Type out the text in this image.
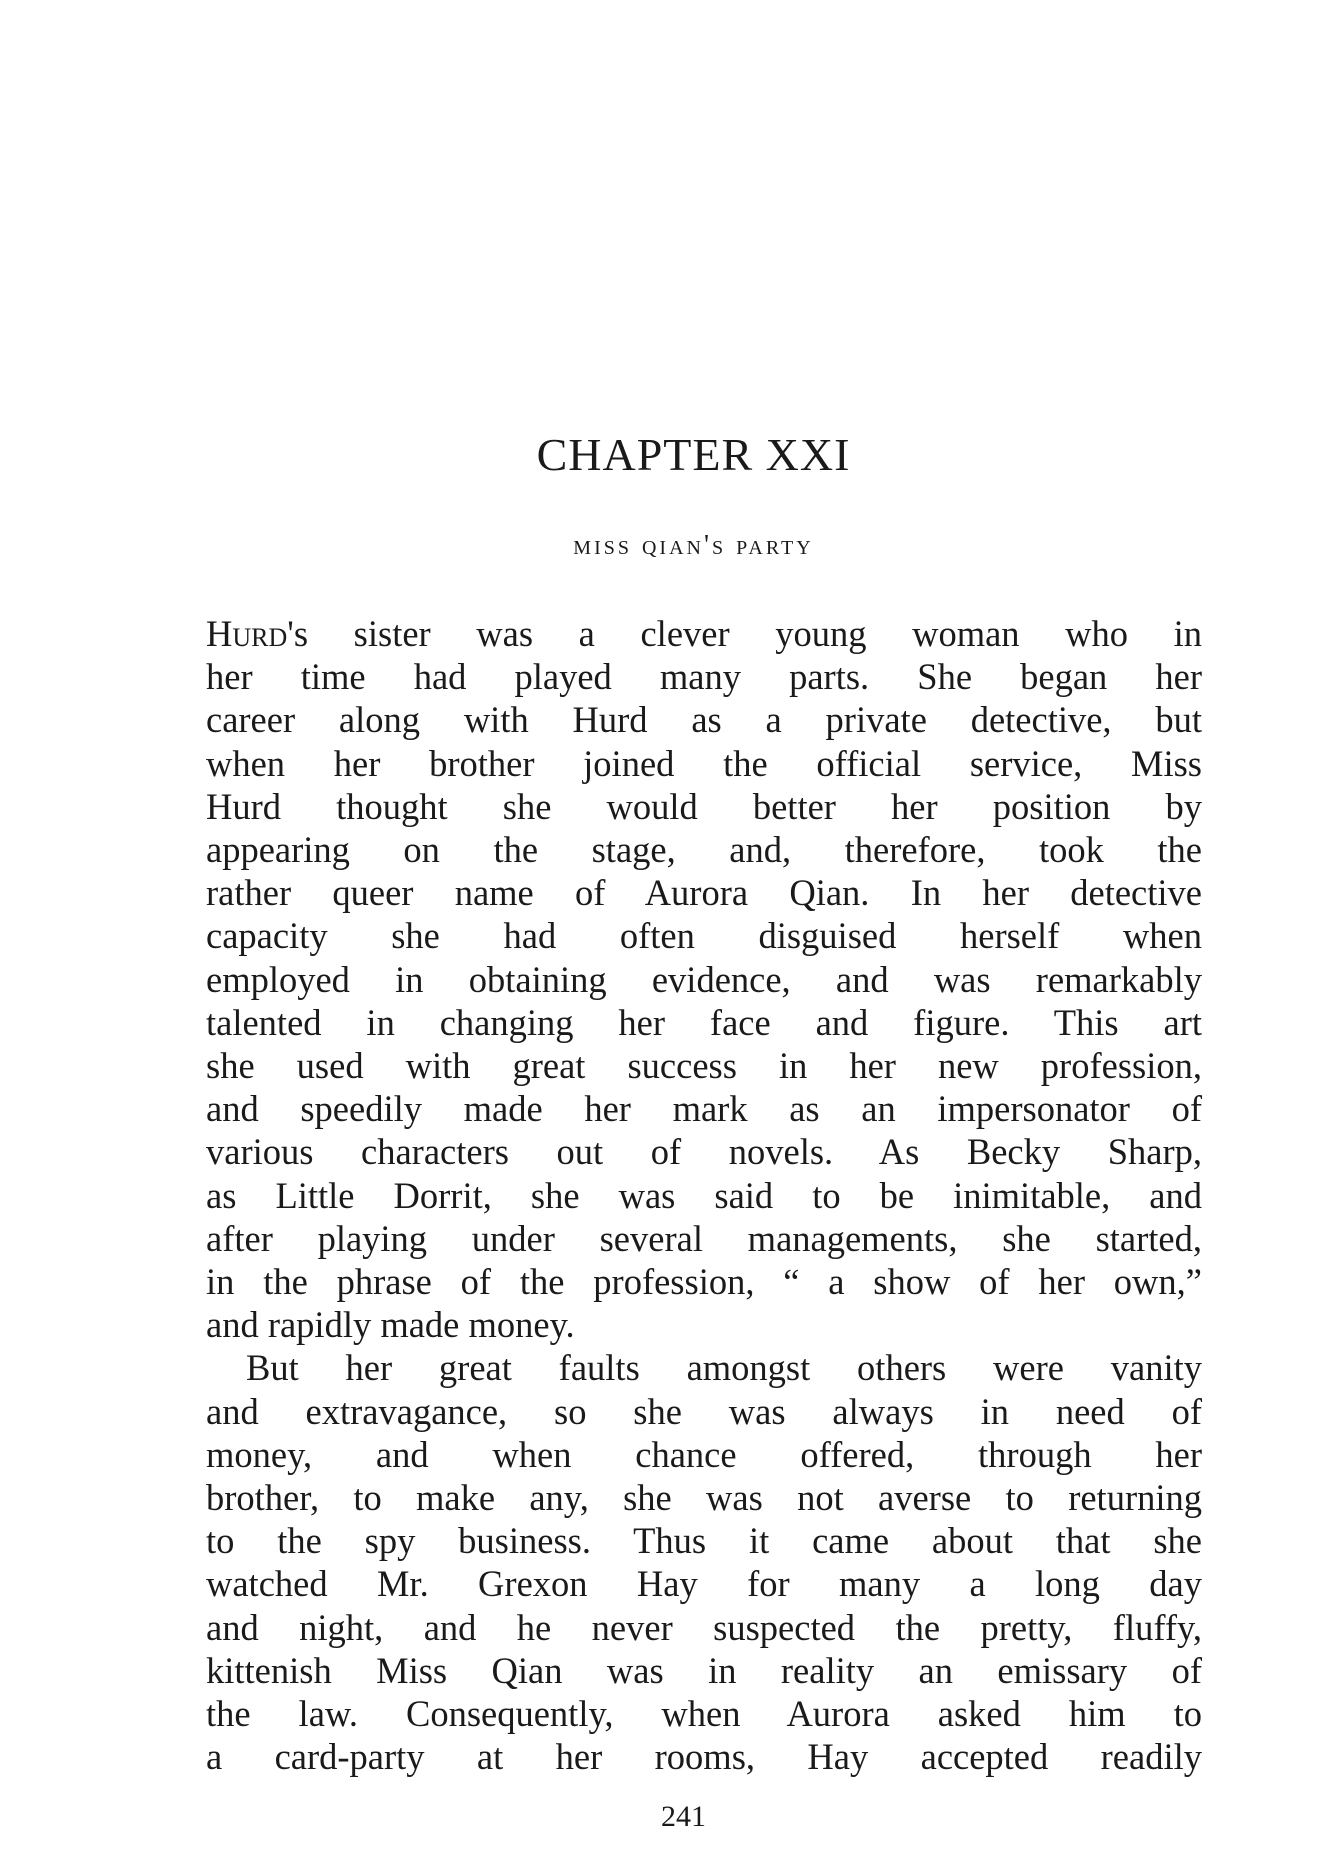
CHAPTER XXI
miss qian's party
Hurd's sister was a clever young woman who in
her time had played many parts. She began her
career along with Hurd as a private detective, but
when her brother joined the official service, Miss
Hurd thought she would better her position by
appearing on the stage, and, therefore, took the
rather queer name of Aurora Qian. In her detective
capacity she had often disguised herself when
employed in obtaining evidence, and was remarkably
talented in changing her face and figure. This art
she used with great success in her new profession,
and speedily made her mark as an impersonator of
various characters out of novels. As Becky Sharp,
as Little Dorrit, she was said to be inimitable, and
after playing under several managements, she started,
in the phrase of the profession, “ a show of her own,”
and rapidly made money.
But her great faults amongst others were vanity
and extravagance, so she was always in need of
money, and when chance offered, through her
brother, to make any, she was not averse to returning
to the spy business. Thus it came about that she
watched Mr. Grexon Hay for many a long day
and night, and he never suspected the pretty, fluffy,
kittenish Miss Qian was in reality an emissary of
the law. Consequently, when Aurora asked him to
a card-party at her rooms, Hay accepted readily
241
